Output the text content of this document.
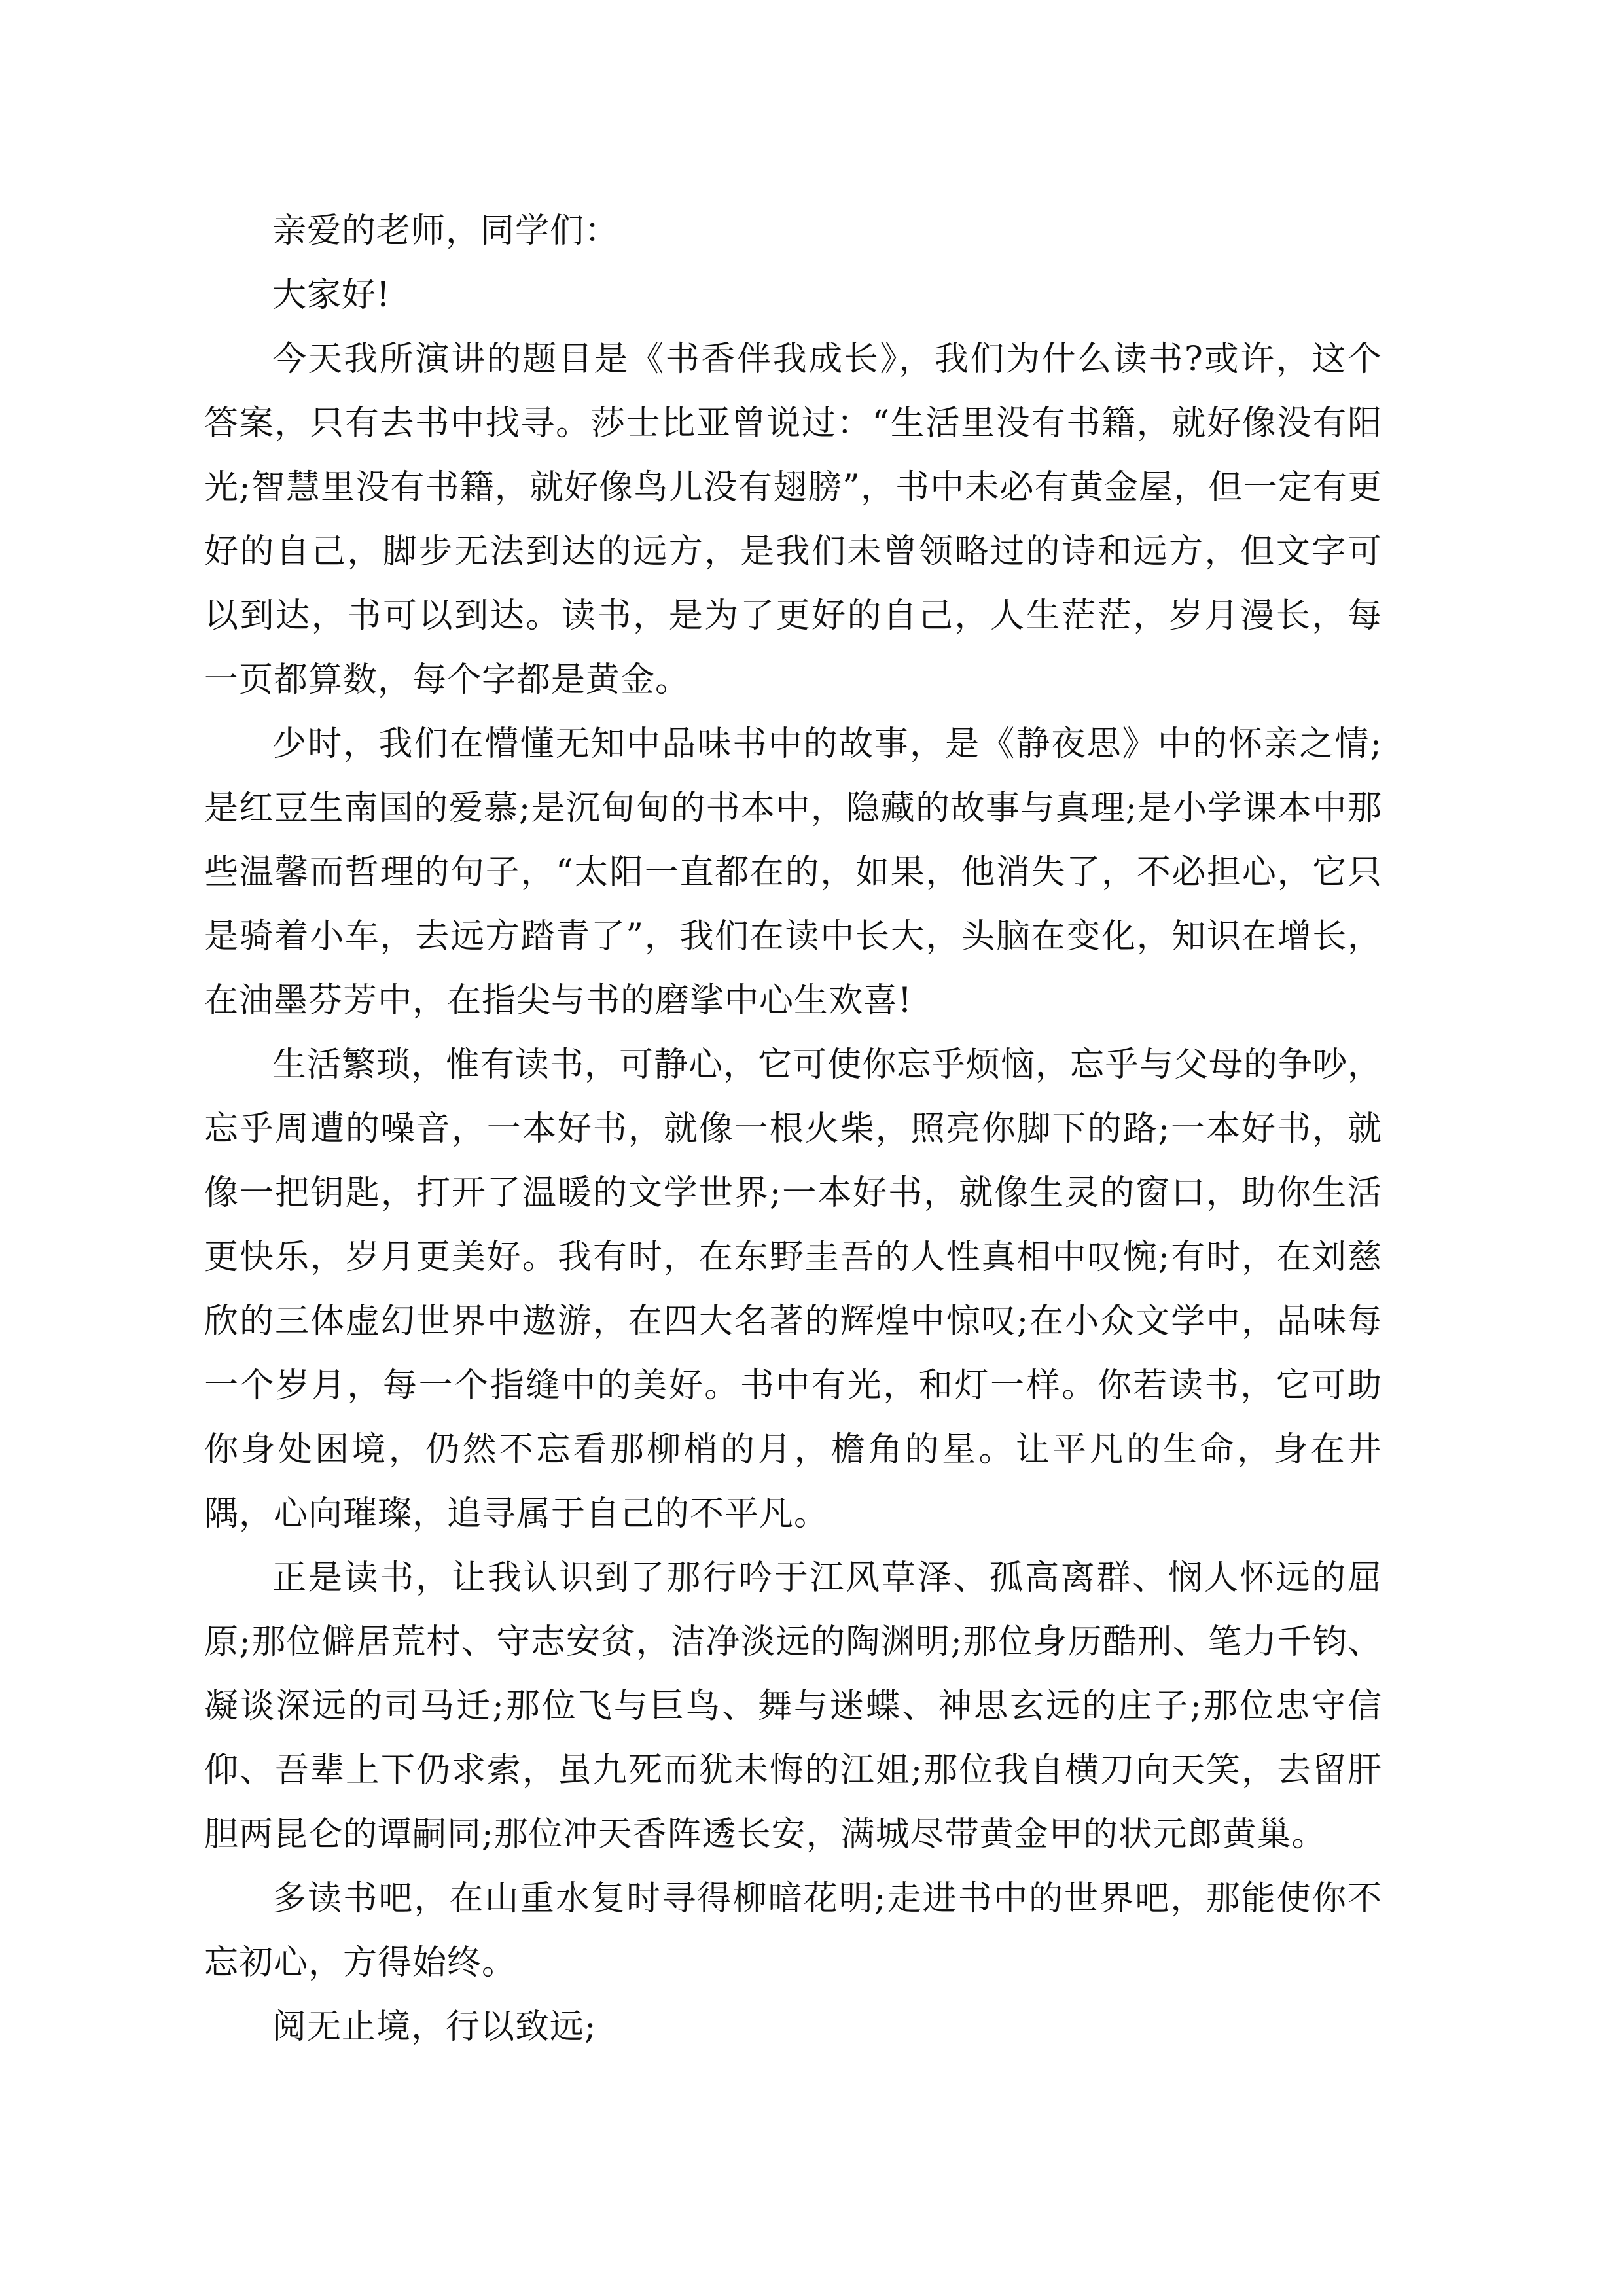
亲爱的老师，同学们：

大家好!

今天我所演讲的题目是《书香伴我成长》，我们为什么读书?或许，这个答案，只有去书中找寻。莎士比亚曾说过：“生活里没有书籍，就好像没有阳光;智慧里没有书籍，就好像鸟儿没有翅膀”，书中未必有黄金屋，但一定有更好的自己，脚步无法到达的远方，是我们未曾领略过的诗和远方，但文字可以到达，书可以到达。读书，是为了更好的自己，人生茫茫，岁月漫长，每一页都算数，每个字都是黄金。

少时，我们在懵懂无知中品味书中的故事，是《静夜思》中的怀亲之情;是红豆生南国的爱慕;是沉甸甸的书本中，隐藏的故事与真理;是小学课本中那些温馨而哲理的句子，“太阳一直都在的，如果，他消失了，不必担心，它只是骑着小车，去远方踏青了”，我们在读中长大，头脑在变化，知识在增长，在油墨芬芳中，在指尖与书的磨挲中心生欢喜!

生活繁琐，惟有读书，可静心，它可使你忘乎烦恼，忘乎与父母的争吵，忘乎周遭的噪音，一本好书，就像一根火柴，照亮你脚下的路;一本好书，就像一把钥匙，打开了温暖的文学世界;一本好书，就像生灵的窗口，助你生活更快乐，岁月更美好。我有时，在东野圭吾的人性真相中叹惋;有时，在刘慈欣的三体虚幻世界中遨游，在四大名著的辉煌中惊叹;在小众文学中，品味每一个岁月，每一个指缝中的美好。书中有光，和灯一样。你若读书，它可助你身处困境，仍然不忘看那柳梢的月，檐角的星。让平凡的生命，身在井隅，心向璀璨，追寻属于自己的不平凡。

正是读书，让我认识到了那行吟于江风草泽、孤高离群、悯人怀远的屈原;那位僻居荒村、守志安贫，洁净淡远的陶渊明;那位身历酷刑、笔力千钧、凝谈深远的司马迁;那位飞与巨鸟、舞与迷蝶、神思玄远的庄子;那位忠守信仰、吾辈上下仍求索，虽九死而犹未悔的江姐;那位我自横刀向天笑，去留肝胆两昆仑的谭嗣同;那位冲天香阵透长安，满城尽带黄金甲的状元郎黄巢。

多读书吧，在山重水复时寻得柳暗花明;走进书中的世界吧，那能使你不忘初心，方得始终。

阅无止境，行以致远;
